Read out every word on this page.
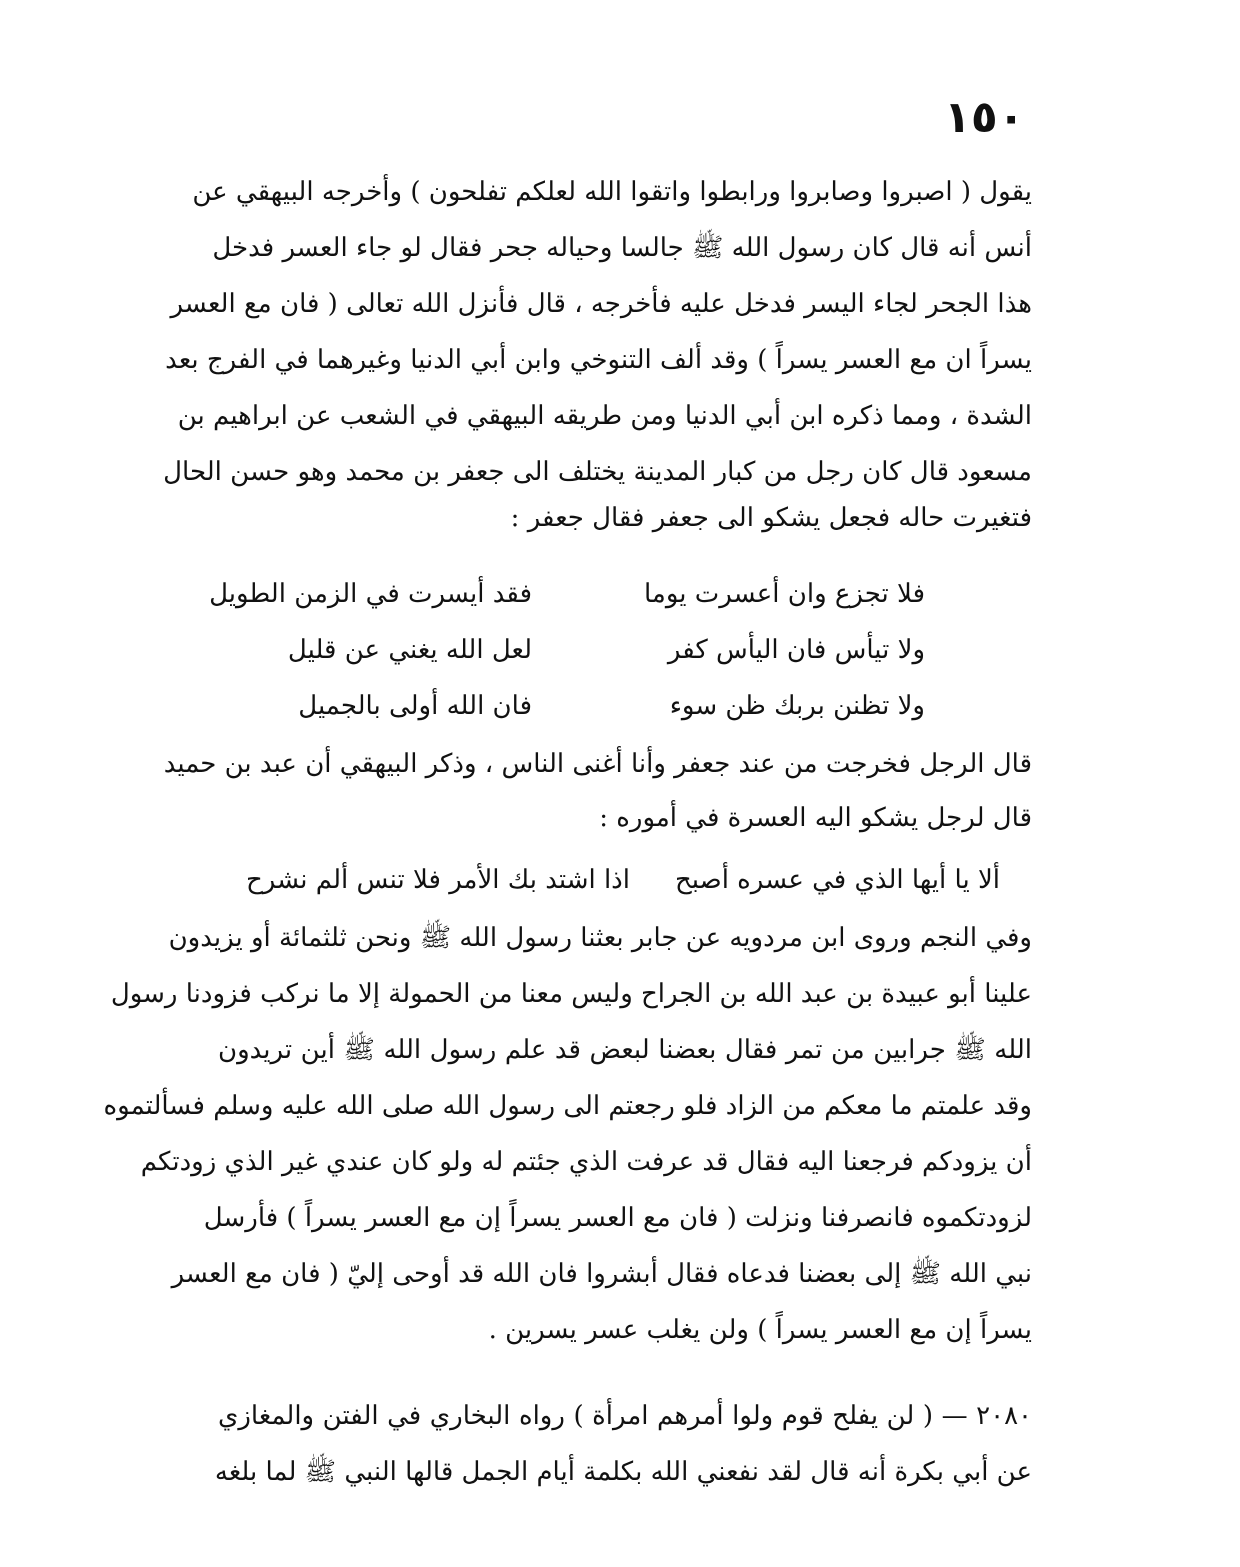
١٥٠
يقول ( اصبروا وصابروا ورابطوا واتقوا الله لعلكم تفلحون ) وأخرجه البيهقي عن
أنس أنه قال كان رسول الله ﷺ جالسا وحياله جحر فقال لو جاء العسر فدخل
هذا الجحر لجاء اليسر فدخل عليه فأخرجه ، قال فأنزل الله تعالى ( فان مع العسر
يسراً ان مع العسر يسراً ) وقد ألف التنوخي وابن أبي الدنيا وغيرهما في الفرج بعد
الشدة ، ومما ذكره ابن أبي الدنيا ومن طريقه البيهقي في الشعب عن ابراهيم بن
مسعود قال كان رجل من كبار المدينة يختلف الى جعفر بن محمد وهو حسن الحال
فتغيرت حاله فجعل يشكو الى جعفر فقال جعفر :
فلا تجزع وان أعسرت يوما
فقد أيسرت في الزمن الطويل
ولا تيأس فان اليأس كفر
لعل الله يغني عن قليل
ولا تظنن بربك ظن سوء
فان الله أولى بالجميل
قال الرجل فخرجت من عند جعفر وأنا أغنى الناس ، وذكر البيهقي أن عبد بن حميد
قال لرجل يشكو اليه العسرة في أموره :
ألا يا أيها الذي في عسره أصبح
اذا اشتد بك الأمر فلا تنس ألم نشرح
وفي النجم وروى ابن مردويه عن جابر بعثنا رسول الله ﷺ ونحن ثلثمائة أو يزيدون
علينا أبو عبيدة بن عبد الله بن الجراح وليس معنا من الحمولة إلا ما نركب فزودنا رسول
الله ﷺ جرابين من تمر فقال بعضنا لبعض قد علم رسول الله ﷺ أين تريدون
وقد علمتم ما معكم من الزاد فلو رجعتم الى رسول الله صلى الله عليه وسلم فسألتموه
أن يزودكم فرجعنا اليه فقال قد عرفت الذي جئتم له ولو كان عندي غير الذي زودتكم
لزودتكموه فانصرفنا ونزلت ( فان مع العسر يسراً إن مع العسر يسراً ) فأرسل
نبي الله ﷺ إلى بعضنا فدعاه فقال أبشروا فان الله قد أوحى إليّ ( فان مع العسر
يسراً إن مع العسر يسراً ) ولن يغلب عسر يسرين .
٢٠٨٠ — ( لن يفلح قوم ولوا أمرهم امرأة ) رواه البخاري في الفتن والمغازي
عن أبي بكرة أنه قال لقد نفعني الله بكلمة أيام الجمل قالها النبي ﷺ لما بلغه
